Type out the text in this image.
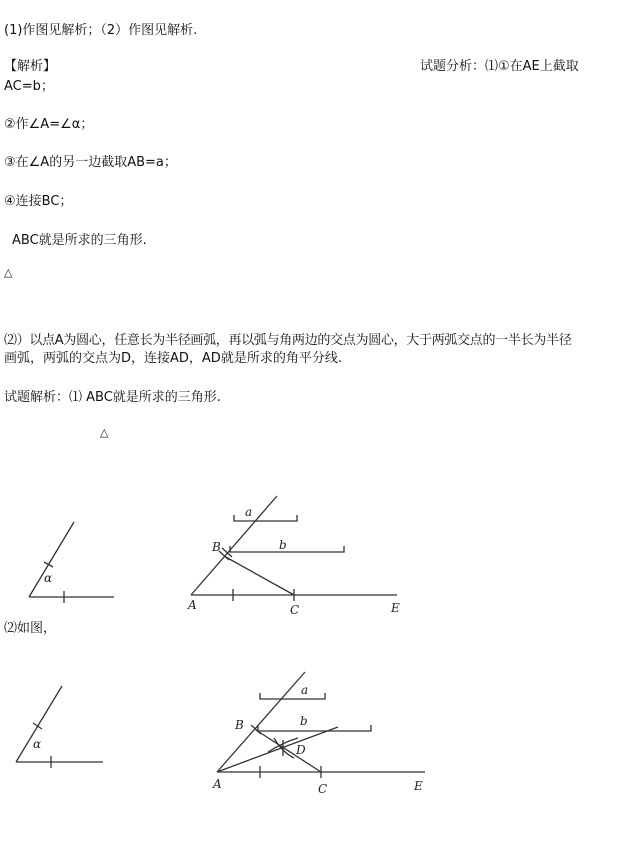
(1)作图见解析；（2）作图见解析.
【解析】	试题分析：⑴①在AE上截取
AC=b；
②作∠A=∠α；
③在∠A的另一边截取AB=a；
④连接BC；
ABC就是所求的三角形.
△
⑵）以点A为圆心，任意长为半径画弧，再以弧与角两边的交点为圆心，大于两弧交点的一半长为半径
画弧，两弧的交点为D，连接AD，AD就是所求的角平分线.
试题解析：⑴ ABC就是所求的三角形.
△
⑵如图，
α
a
b
B
A	C	E
α
a
b
B
D
A	C	E
